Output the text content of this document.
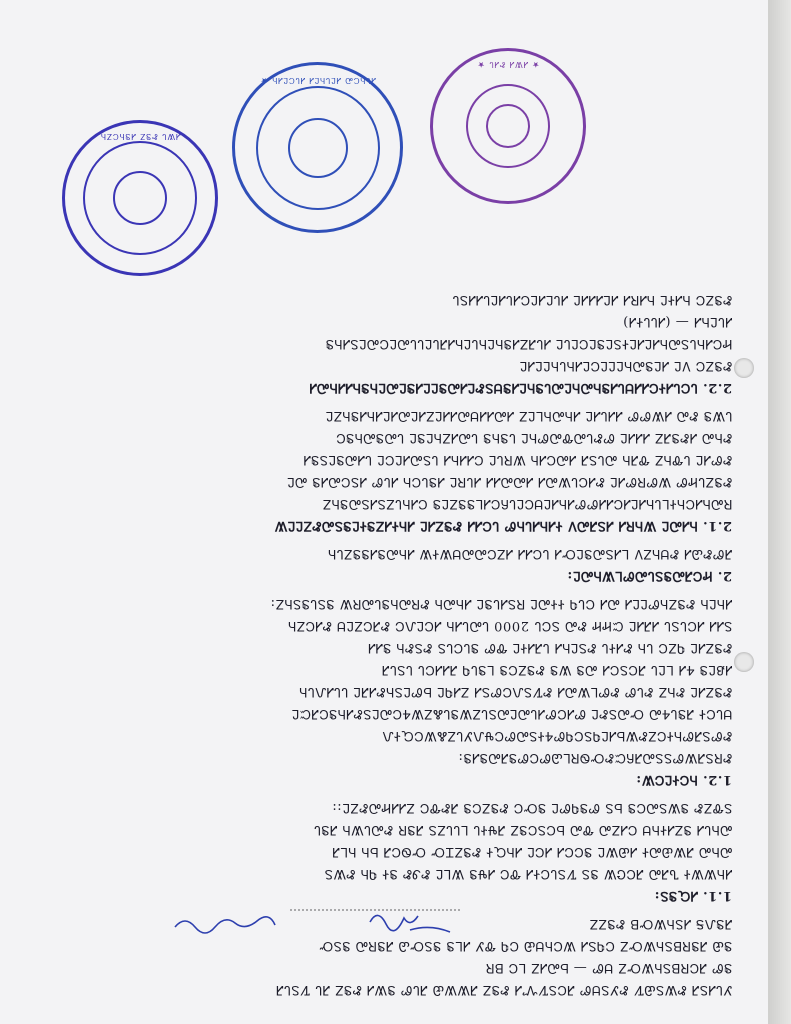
ᏗᏔᏓ ᏑᏕᏃ ᏗᏕᏂᏟᏃᏂ
ᏗᏓᏂᏟᏍ ᏗᏝᏓᏂᏝᏗ ᏗᏓᏟᏝᏗᏂ ★
★ ᏗᏔᏗ ᏑᏗᏓ ★
ᎩᏓᏗᏚᏘ ᏑᏔᏚᏯᏤ ᏑᎩᏚᏌᏛ ᏘᏟᏚᏤᏉᏗ ᏑᏕᏃ ᏘᏔᏔᏯ ᏘᏓᏛ ᏕᏔᏗ ᏑᏕᏃ ᏘᏓ ᏤᏚᏓᏘ
ᏕᏛ ᏘᏟᏒᏴᏚᏂᏔᏅᏃ ᏌᏛ — ᏏᏍᏗᏃ ᏞᏟ ᏴᏒ
ᏕᏯ ᏘᏕᏒᏴᏚᏂᏔᏅᏃ ᏟᏄᏚᏗ ᏔᏟᏂᏌᏯ ᏟᏄ ᏡᎩ ᏗᏞᏕ ᏕᏚᏅᏊ ᏘᏕᏒᏍ ᏕᏚᏅ
ᏘᏕᏁᎦ ᏗᏚᏂᏔᏅᏴ ᏑᏕᏃᏃ
1.1. ᏗᏩᏕᏚ:
ᏗᏂᏔᏔᏐ ᏖᏘᏍ ᏘᏟᏣᏔ ᏕᏚ ᏤᏚᏓᏟᏐᏗ ᏡᏟ ᏗᏠᏕ ᏔᏞᏝ ᏑᏭᏑ ᏕᏐ ᏄᏂ ᏑᏔᏚ
ᏍᏂᏍ ᏘᏔᏯᏍᏐ ᏗᏯᏔᏝ ᏕᏟᏟᏗ ᏗᏟᏝ ᏗᏂᏩᏐ ᏑᏕᏃᏆᏅ ᏅᏫᏟᏘ ᏏᏂ ᏂᏞᏘ
ᏍᏂᏓᏗ ᏕᏃᏗᏐᏂᏌ ᏟᏗᏃᏍ ᏡᏍ ᏏᏟᏚᏟᏕᏃ ᏘᏠᏐᏓ ᏞᏓᏓᏃᏚ ᏘᏕᏒ ᏑᏍᏓᏔᏂ ᏘᏕᏓ
ᏚᏡᏃᏑ ᏕᏔᏚᏍᏟᏕ ᏏᏚ ᏛᏕᏄᏛᏝ ᏕᏅᏟ ᏑᏕᏃᏟᏕ ᏘᏑᏡᏟ ᏃᏗᏗᏥᏍᏑᏃᏝ::
1.2. ᏂᏟᏐᏝᏟᏔ:
ᏑᏒᏚᏘᏔᏛᏚᏚᏍᏘᏲᏨᏑᏅᏫᏒᏞᏊᏛᏟᏛᏕᏘᏍᏕᏗᏕ:
ᏑᏛᏚᏘᏛᏂᏐᏟᏃᏑᏔᏏᏗᏝᏄᏚᏟᏄᏛᏎᏐᏚᏍᏛᏟᏠᏁᎩᏓᏃᏜᏔᏟᏩᏐᏁ
ᏌᏓᏟᏐ ᏘᏕᏓᏎᏍ ᏅᏍᏚᏑᏝ ᏛᏗᏟᏛᏗᏓᏍᏝᏍᏚᏓᏃᏔᏕᏓᏜᏃᏔᏎᏟᏍᏝᏚᏑᏗᏂᏕᏟᏘᏨᏝ
ᏑᏕᏃᏗᏝ ᏑᏂᏃ ᏑᏓᏛ ᏑᏛᏞᏔᏍᏗ ᏑᏤᏚᏁᏟᏛᏚᏗ ᏃᏗᏄᏝ ᏏᏛᏝᏚᏂᏑᏗᏘᏝ ᏓᏓᏗᏁᏓᏂ
ᏗᏰᏝᏕ ᏎᏗ ᏞᏝᏓ ᏘᏟᏚᏟᏗ ᏍᏕ ᏔᏕ ᏑᏕᏃᏟᏕ ᏞᏕᏓᏄ ᏘᏗᏗᏟᏓ ᏓᏚᏓᏘ
ᏑᏕᏃᏗᏝ ᏄᏃᏟ ᏓᏂ ᏑᏗᏐᏓ ᏑᏚᏝᏂᏗ ᏓᏘᏗᏐᏝ ᏡᏛ ᏕᏓᏟᏓᏚ ᏑᏚᏑᏂ ᏕᏗᏗ
ᏚᏗᏗ ᏗᏟᏓᏚᏓ ᏗᏘᏗᏝ ᏨᏥᏥ ᏑᏍ ᏚᏟᏓ 2000 ᏓᏍᏓᏗᏂ ᏗᏟᏝᏁᏟ ᏑᏘᏟᏃᏝᏌ ᏑᏗᏟᏃᏂ
ᏗᏂᏝᏂ ᏑᏕᏃᏂᏛᏝᏝᏗ ᏍᏗ ᏟᏓᏄ ᏐᏐᏍᏝ ᏒᏚᏗᏓᏕᏝ ᏗᏂᏍᏂ ᏑᏒᏍᏂᏕᏓᏍᏒᏔ ᏕᏚᏓᏕᏚᏂᏃ:
2. ᏥᏟᏘᏍᏕᏚᏓᏍᏛᏞᏔᏂᏍᏝ:
ᏘᏛᏑᏊᏗ ᏑᏌᏂᏃᏙ ᏞᏗᏚᏍᏕᏝᏅᏗ ᏓᏟᏗᏗ ᏗᏃᏟᏍᏍᏌᏔᏐᏔ ᏗᏂᏍᏕᏗᏕᏕᏃᏓᏂ
2.1. ᏂᏗᏍᏝ ᏔᏂᏒᏗ ᏗᏚᏘᏍᏙ ᏐᏗᏂᏗᏓᏂᏛ ᏓᏟᏗᏗ ᏑᏕᏃᏗᏝ ᏗᏂᏐᏗᏃᏕᏐᏝᏕᏚᏍᏑᏃᏝᏝᏔ
ᏒᏍᏂᏗᏟᏂᏐᏞᏓᏂᏗᏝᏗᏟᏗᏗᏛᏛᏗᏂᏗᏝᏌᏟᏝᏓᏲᏟᏗᏞᏕᏕᏃᏝᏕ ᏟᏗᏂᏓᏃᏚᏗᏚᏍᏕᏂᏃ
ᏑᏕᏃᏓᏥᏛ ᏔᏛᏒᏛᏗᏝ ᏑᏗᏟᏓᏔᏍᏗ ᏗᏍᏍᏗᏗ ᏗᏓᏒᏝ ᏗᏕᏓᏟᏂ ᏗᏓᏛ ᏗᏚᏟᏍᏗᏕ ᏍᏝ
ᏑᏛᏗᏝ ᏓᏡᏂᏃ ᏡᏘᏂ ᏍᏓᏚᏘ ᏗᏍᏟᏗᏂ ᏔᏒᏓᏝ ᏟᏗᏗᏂᏗ ᏓᏚᏍᏗᏝᏟᏝ ᏓᏗᏍᏕᏝᏚᏕᏗ
ᏑᏂᏍ ᏗᏑᏕᏘᏃ ᏗᏗᏗᏝ ᏛᏑᏓᏍᏡᏍᏛᏂᏝ ᏓᏕᏂᏕ ᏓᏍᏗᏃᏂᏝᏕᏝ ᏓᏍᏕᏍᏂᏕᏟ
ᏓᏔᏕ ᏑᏍ ᏗᏔᏛᏛ ᏗᏗᏓᏗᏝ ᏗᏂᏍᏂᏞᏝᏃ ᏗᏍᏗᏗᏌᏍᏗᏗᏝᏃᏗᏝᏍᏗᏝᏗᏂᏗᏕᏂᏃᏝ
2.2. ᏓᏟᏓᏗᏐᏟᏗᏗᏌᏓᏗᏕᏂᏍᏂᏝᏍᏓᏕᏂᏝᏗᏕᏌᏚᏑᏝᏗᏍᏕᏝᏝᏗᏕᏝᏍᏝᏂᏕᏂᏗᏗᏂᏍᏗ
ᏑᏕᏃᏟ ᏙᏝ ᏗᏝᏕᏍᏂᏝᏝᏝᏟᏝᏗᏂᏓᏂᏝᏝᏗᏝ
ᏥᏟᏗᏂᏓᏚᏍᏂᏗᏝᏗᏝᏐᏚᏝᏕᏝᏟᏝᏓᏝ ᏗᏓᏘᏃᏗᏕᏂᏝᏂᏓᏝᏂᏗᏘᏓᏝᏓᏓᏍᏝᏟᏍᏝᏚᏗᏂᏕ
ᏗᏓᏝᏂᏗ — (ᏗᏓᏓᏐᏗ)
ᏑᏕᏃᏟ ᏂᏗᏐᏝ ᏂᏗᏒᏗ ᏗᏝᏗᏗᏗᏝ ᏗᏓᏝᏗᏝᏟᏗᏓᏗᏝᏓᏗᏗᏚᏓ
